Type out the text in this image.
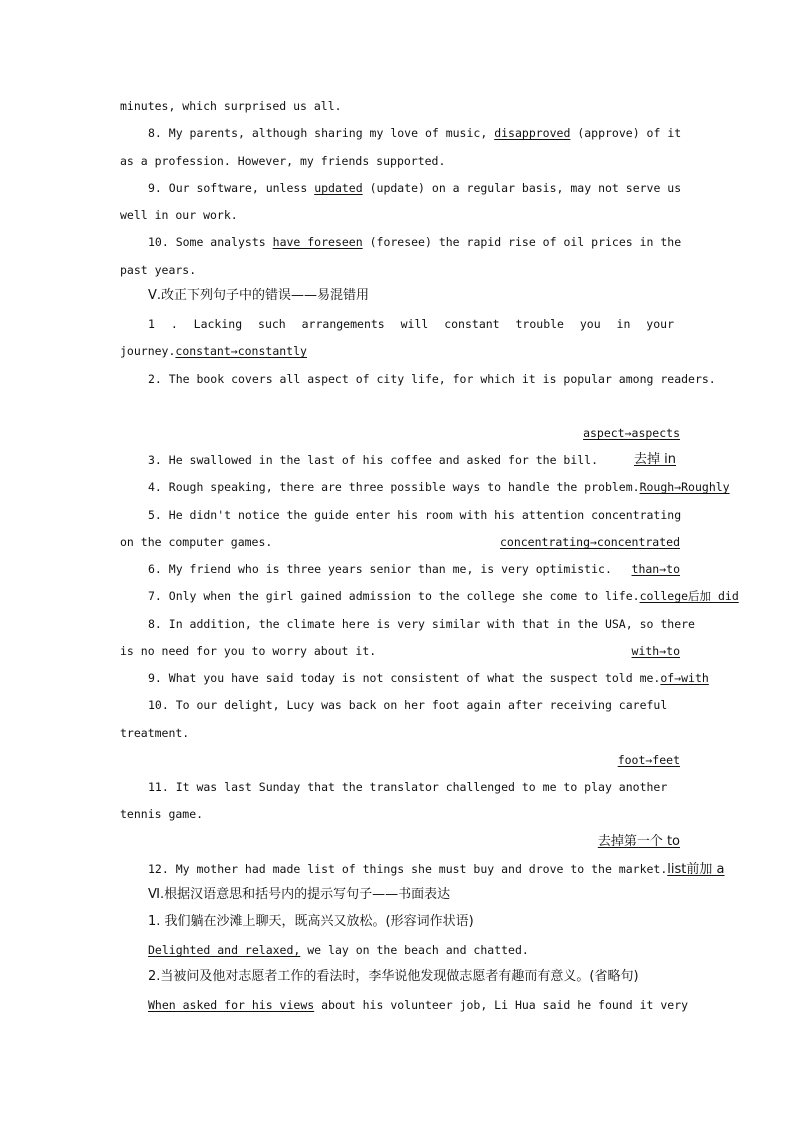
minutes, which surprised us all.
8. My parents, although sharing my love of music, disapproved (approve) of it
as a profession. However, my friends supported.
9. Our software, unless updated (update) on a regular basis, may not serve us
well in our work.
10. Some analysts have foreseen (foresee) the rapid rise of oil prices in the
past years.
Ⅴ.改正下列句子中的错误——易混错用
1 . Lacking such arrangements will constant trouble you in your
journey.constant→constantly
2. The book covers all aspect of city life, for which it is popular among readers.
aspect→aspects
3. He swallowed in the last of his coffee and asked for the bill.	去掉 in
4. Rough speaking, there are three possible ways to handle the problem.Rough→Roughly
5. He didn't notice the guide enter his room with his attention concentrating
on the computer games.	concentrating→concentrated
6. My friend who is three years senior than me, is very optimistic. than→to
7. Only when the girl gained admission to the college she come to life.college后加 did
8. In addition, the climate here is very similar with that in the USA, so there
is no need for you to worry about it.	with→to
9. What you have said today is not consistent of what the suspect told me.of→with
10. To our delight, Lucy was back on her foot again after receiving careful
treatment.
foot→feet
11. It was last Sunday that the translator challenged to me to play another
tennis game.
去掉第一个 to
12. My mother had made list of things she must buy and drove to the market.list前加 a
Ⅵ.根据汉语意思和括号内的提示写句子——书面表达
1. 我们躺在沙滩上聊天，既高兴又放松。(形容词作状语)
Delighted and relaxed, we lay on the beach and chatted.
2.当被问及他对志愿者工作的看法时，李华说他发现做志愿者有趣而有意义。(省略句)
When asked for his views about his volunteer job, Li Hua said he found it very
